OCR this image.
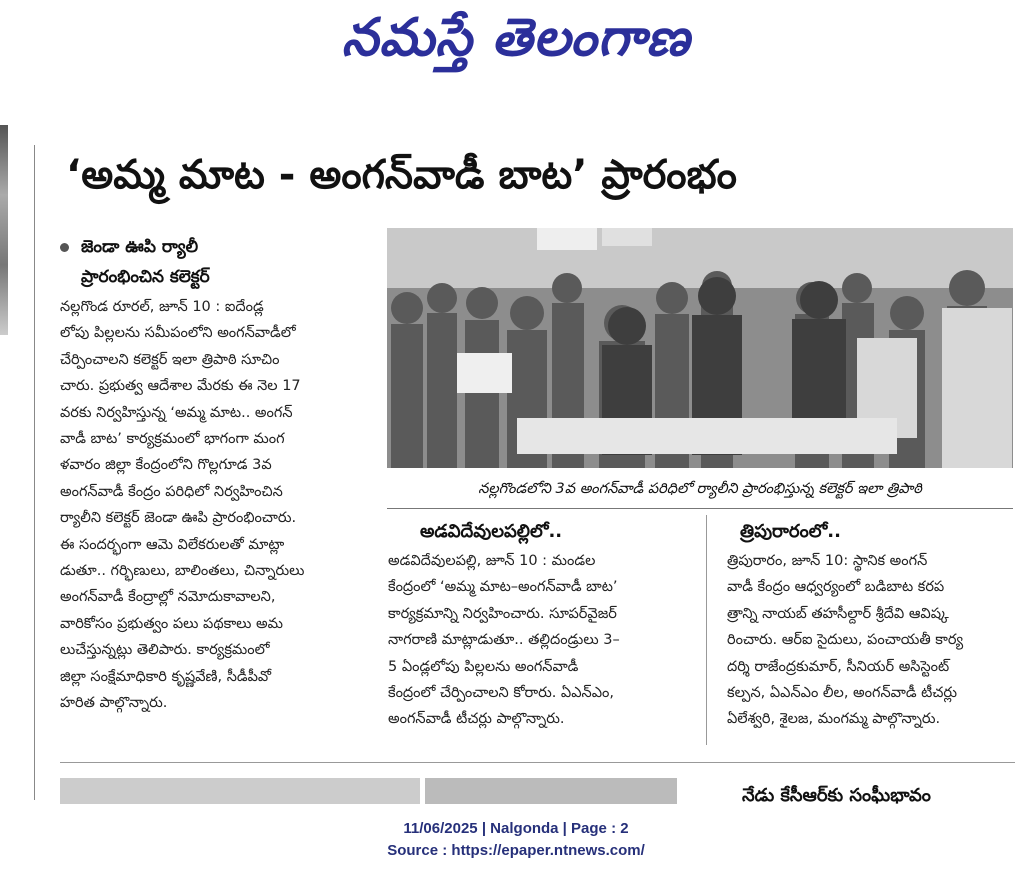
నమస్తే తెలంగాణ
‘అమ్మ మాట - అంగన్‌వాడీ బాట’ ప్రారంభం
జెండా ఊపి ర్యాలీ
ప్రారంభించిన కలెక్టర్
నల్లగొండ రూరల్, జూన్ 10 : ఐదేండ్ల
లోపు పిల్లలను సమీపంలోని అంగన్‌వాడీలో
చేర్పించాలని కలెక్టర్ ఇలా త్రిపాఠి సూచిం
చారు. ప్రభుత్వ ఆదేశాల మేరకు ఈ నెల 17
వరకు నిర్వహిస్తున్న ‘అమ్మ మాట.. అంగన్
వాడీ బాట’ కార్యక్రమంలో భాగంగా మంగ
ళవారం జిల్లా కేంద్రంలోని గొల్లగూడ 3వ
అంగన్‌వాడీ కేంద్రం పరిధిలో నిర్వహించిన
ర్యాలీని కలెక్టర్ జెండా ఊపి ప్రారంభించారు.
ఈ సందర్భంగా ఆమె విలేకరులతో మాట్లా
డుతూ.. గర్భిణులు, బాలింతలు, చిన్నారులు
అంగన్‌వాడీ కేంద్రాల్లో నమోదుకావాలని,
వారికోసం ప్రభుత్వం పలు పథకాలు అమ
లుచేస్తున్నట్లు తెలిపారు. కార్యక్రమంలో
జిల్లా సంక్షేమాధికారి కృష్ణవేణి, సీడీపీవో
హరిత పాల్గొన్నారు.
నల్లగొండలోని 3వ అంగన్‌వాడీ పరిధిలో ర్యాలీని ప్రారంభిస్తున్న కలెక్టర్ ఇలా త్రిపాఠి
అడవిదేవులపల్లిలో..
అడవిదేవులపల్లి, జూన్ 10 : మండల
కేంద్రంలో ‘అమ్మ మాట–అంగన్‌వాడీ బాట’
కార్యక్రమాన్ని నిర్వహించారు. సూపర్‌వైజర్
నాగరాణి మాట్లాడుతూ.. తల్లిదండ్రులు 3–
5 ఏండ్లలోపు పిల్లలను అంగన్‌వాడీ
కేంద్రంలో చేర్పించాలని కోరారు. ఏఎన్ఎం,
అంగన్‌వాడీ టీచర్లు పాల్గొన్నారు.
త్రిపురారంలో..
త్రిపురారం, జూన్ 10: స్థానిక అంగన్
వాడీ కేంద్రం ఆధ్వర్యంలో బడిబాట కరప
త్రాన్ని నాయబ్ తహసీల్దార్ శ్రీదేవి ఆవిష్క
రించారు. ఆర్ఐ సైదులు, పంచాయతీ కార్య
దర్శి రాజేంద్రకుమార్, సీనియర్ అసిస్టెంట్
కల్పన, ఏఎన్ఎం లీల, అంగన్‌వాడీ టీచర్లు
ఏలేశ్వరి, శైలజ, మంగమ్మ పాల్గొన్నారు.
నేడు కేసీఆర్‌కు సంఘీభావం
11/06/2025 | Nalgonda | Page : 2
Source : https://epaper.ntnews.com/
